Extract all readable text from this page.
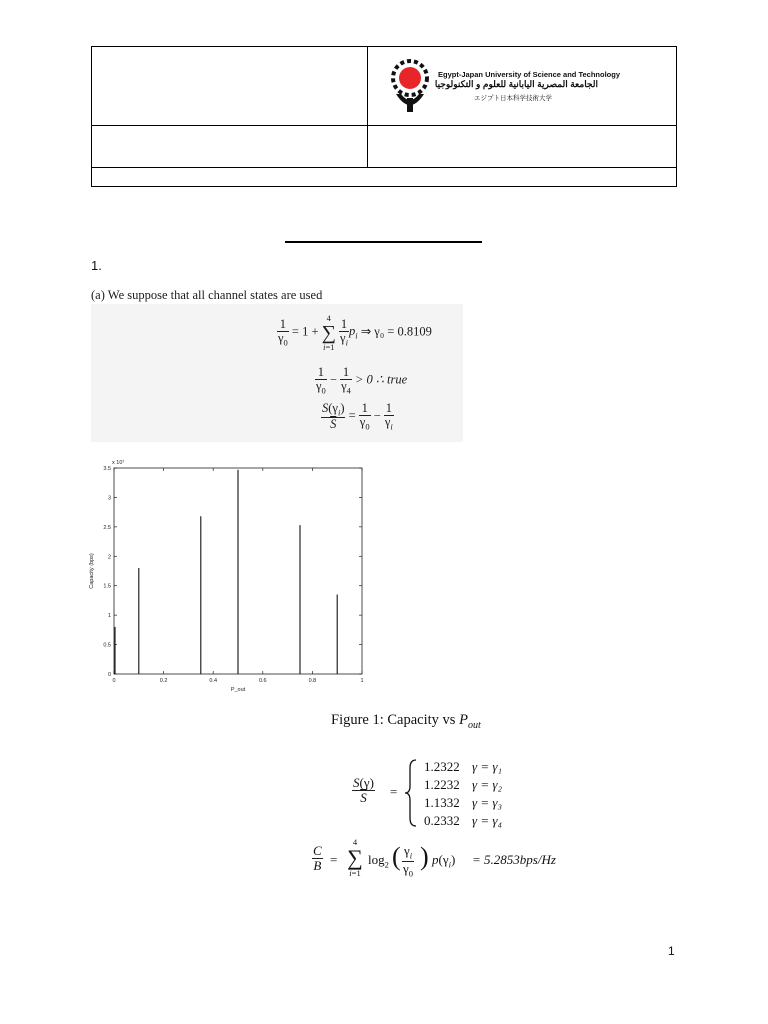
Egypt-Japan University of Science and Technology
الجامعة المصرية اليابانية للعلوم و التكنولوجيا
エジプト日本科学技術大学
1.
(a) We suppose that all channel states are used
$\frac{1}{\gamma_0} = 1$ +
4
∑
i=1
$\frac{1}{\gamma_i} p_i$ ⇒ γ₀ = 0.8109
$\frac{1}{\gamma_0} - \frac{1}{\gamma_4} > 0$ ∴ true
$\frac{S(\gamma_i)}{S} = \frac{1}{\gamma_0} - \frac{1}{\gamma_i}$
0
0.5
1
1.5
2
2.5
3
3.5
0	0.2	0.4	0.6	0.8	1
x 10⁷
Capacity (bps)
P_out
Figure 1: Capacity vs $P_{out}$
$\frac{S(\gamma)}{S}$ =
1.2322 γ = γ₁
1.2232 γ = γ₂
1.1332 γ = γ₃
0.2332 γ = γ₄
$\frac{C}{B}$ =
4
∑
i=1
$\log_2$ ( $\frac{\gamma_i}{\gamma_0}$ ) $p(\gamma_i) = 5.2853bps/Hz$
1
